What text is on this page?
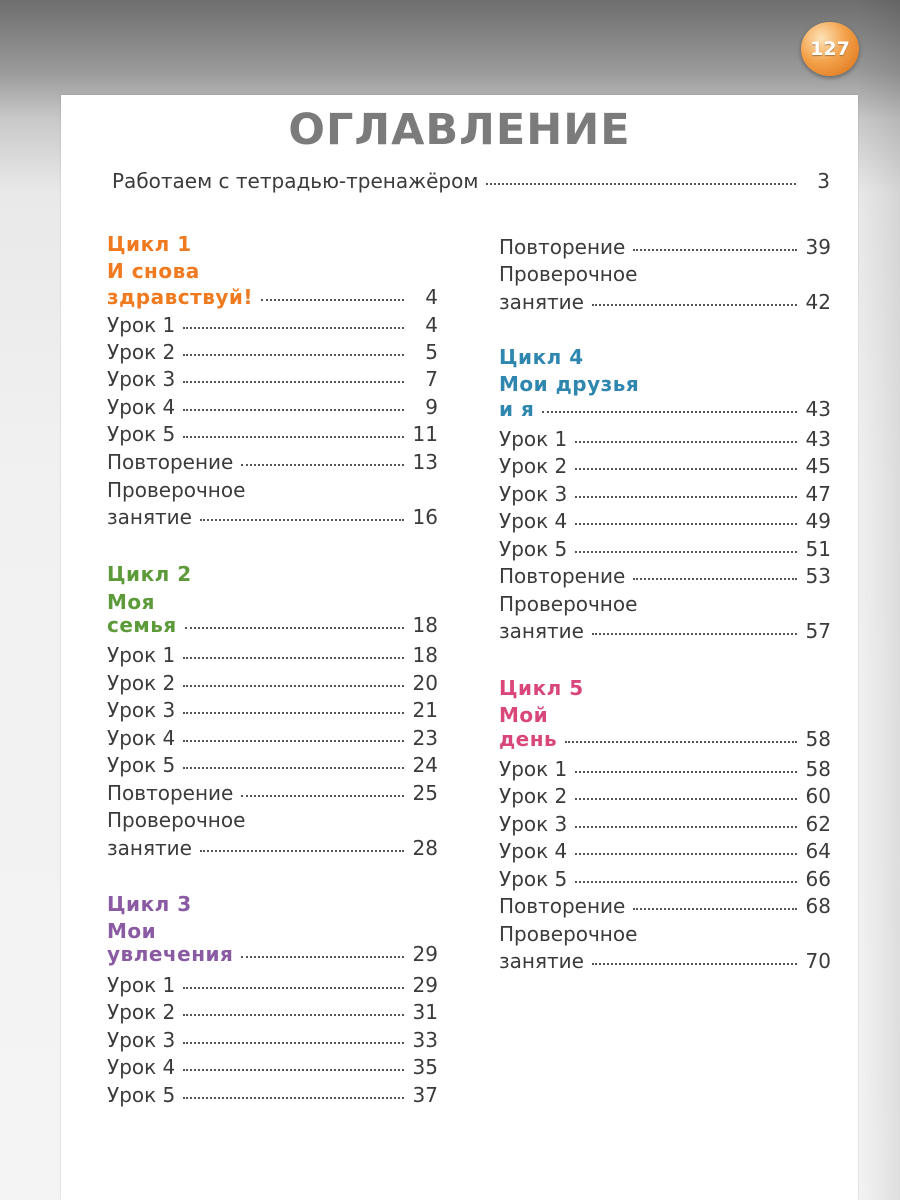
127
ОГЛАВЛЕНИЕ
Работаем с тетрадью-тренажёром	3
Цикл 1
И снова
здравствуй!	4
Урок 1	4
Урок 2	5
Урок 3	7
Урок 4	9
Урок 5	11
Повторение	13
Проверочное
занятие	16
Цикл 2
Моя
семья	18
Урок 1	18
Урок 2	20
Урок 3	21
Урок 4	23
Урок 5	24
Повторение	25
Проверочное
занятие	28
Цикл 3
Мои
увлечения	29
Урок 1	29
Урок 2	31
Урок 3	33
Урок 4	35
Урок 5	37
Повторение	39
Проверочное
занятие	42
Цикл 4
Мои друзья
и я	43
Урок 1	43
Урок 2	45
Урок 3	47
Урок 4	49
Урок 5	51
Повторение	53
Проверочное
занятие	57
Цикл 5
Мой
день	58
Урок 1	58
Урок 2	60
Урок 3	62
Урок 4	64
Урок 5	66
Повторение	68
Проверочное
занятие	70
